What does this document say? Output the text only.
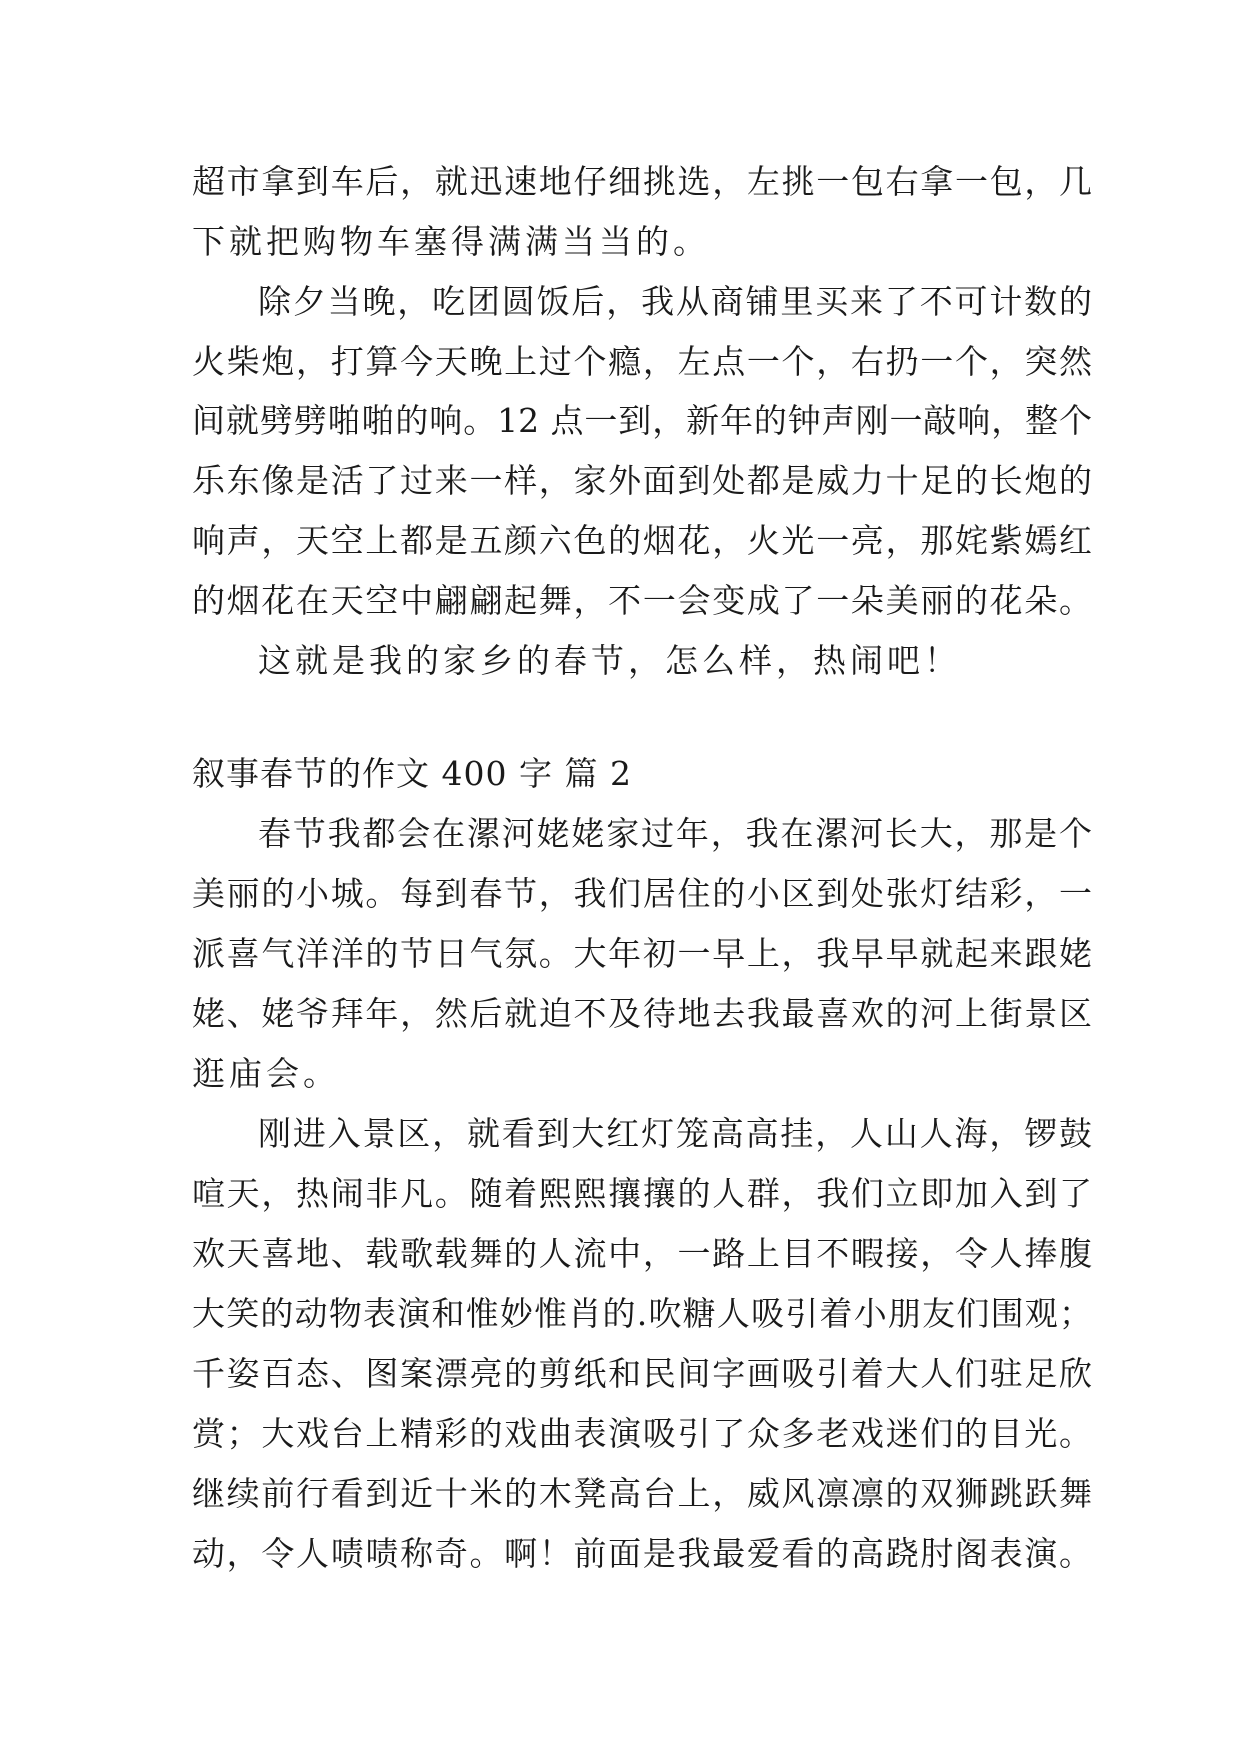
超市拿到车后，就迅速地仔细挑选，左挑一包右拿一包，几
下就把购物车塞得满满当当的。
除夕当晚，吃团圆饭后，我从商铺里买来了不可计数的
火柴炮，打算今天晚上过个瘾，左点一个，右扔一个，突然
间就劈劈啪啪的响。12 点一到，新年的钟声刚一敲响，整个
乐东像是活了过来一样，家外面到处都是威力十足的长炮的
响声，天空上都是五颜六色的烟花，火光一亮，那姹紫嫣红
的烟花在天空中翩翩起舞，不一会变成了一朵美丽的花朵。
这就是我的家乡的春节，怎么样，热闹吧！
叙事春节的作文 400 字 篇 2
春节我都会在漯河姥姥家过年，我在漯河长大，那是个
美丽的小城。每到春节，我们居住的小区到处张灯结彩，一
派喜气洋洋的节日气氛。大年初一早上，我早早就起来跟姥
姥、姥爷拜年，然后就迫不及待地去我最喜欢的河上街景区
逛庙会。
刚进入景区，就看到大红灯笼高高挂，人山人海，锣鼓
喧天，热闹非凡。随着熙熙攘攘的人群，我们立即加入到了
欢天喜地、载歌载舞的人流中，一路上目不暇接，令人捧腹
大笑的动物表演和惟妙惟肖的.吹糖人吸引着小朋友们围观；
千姿百态、图案漂亮的剪纸和民间字画吸引着大人们驻足欣
赏；大戏台上精彩的戏曲表演吸引了众多老戏迷们的目光。
继续前行看到近十米的木凳高台上，威风凛凛的双狮跳跃舞
动，令人啧啧称奇。啊！前面是我最爱看的高跷肘阁表演。
